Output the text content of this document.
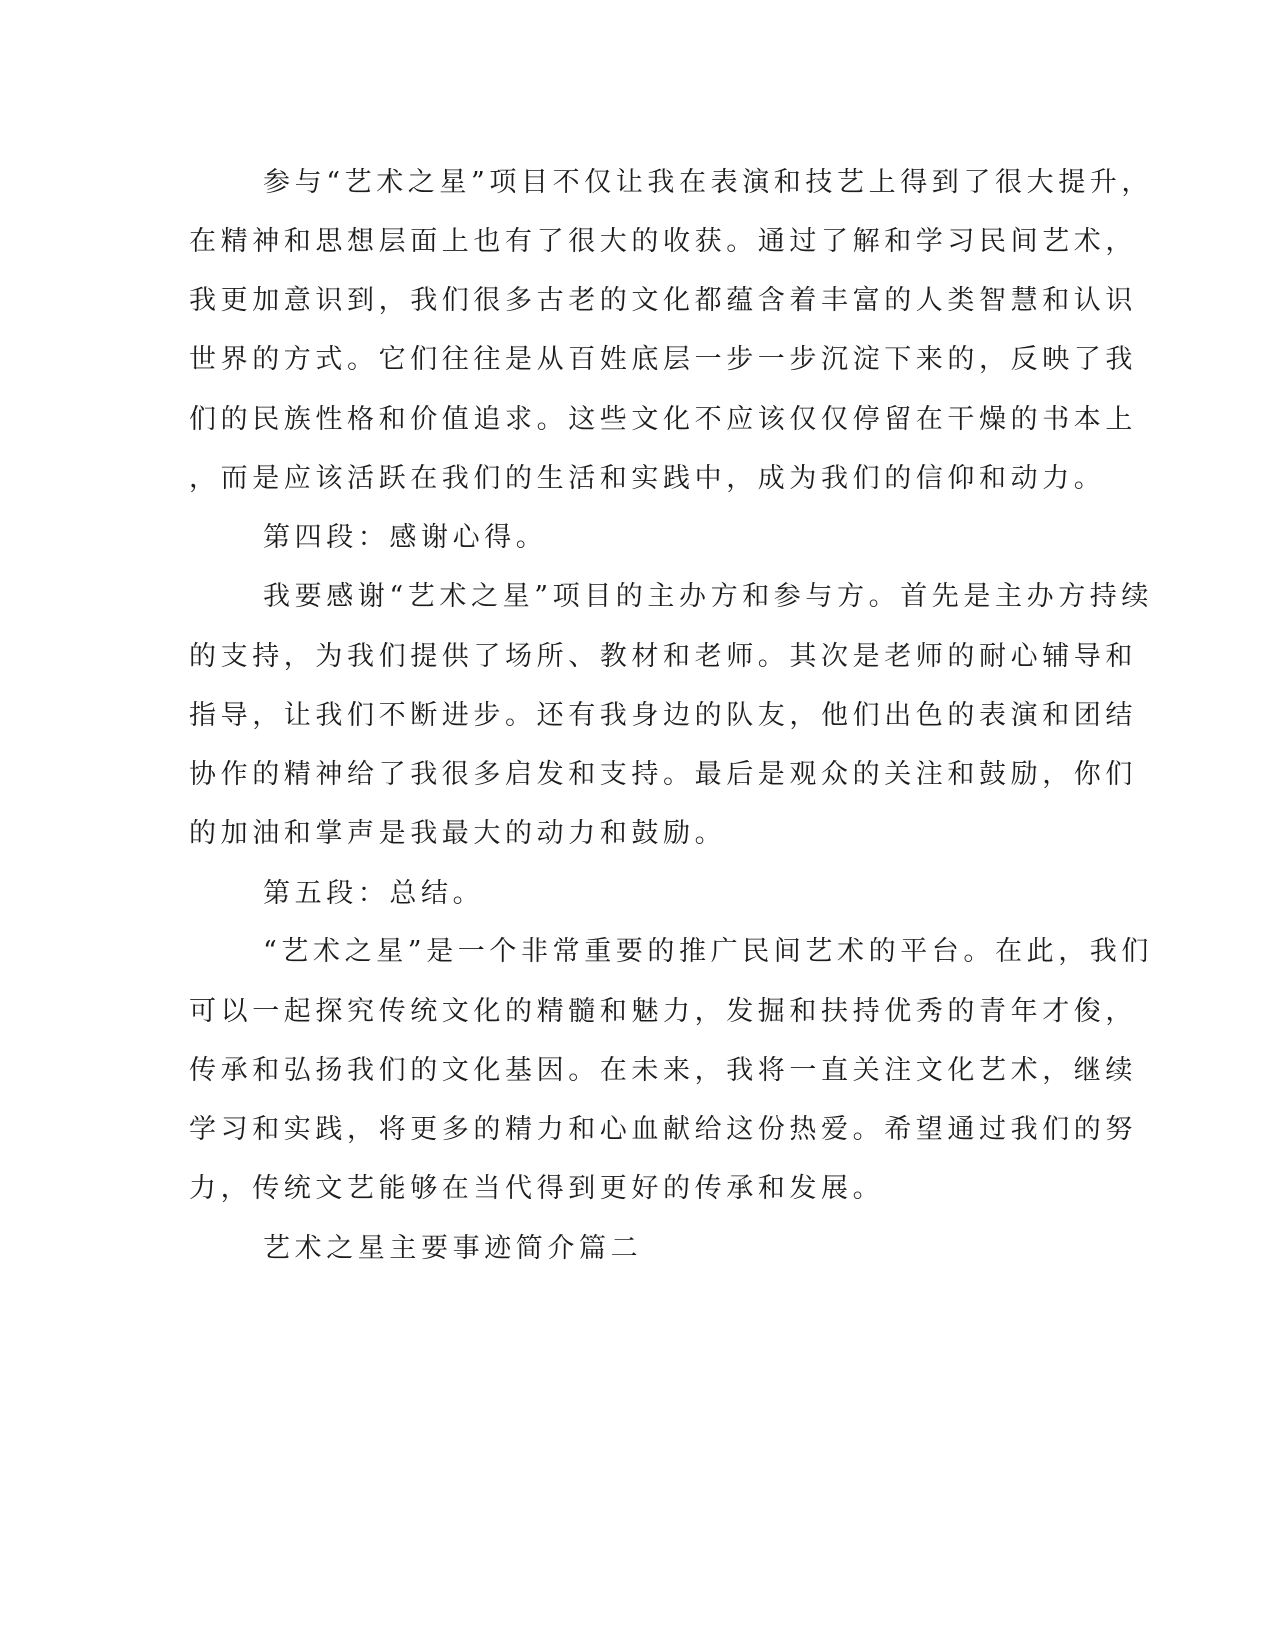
参与“艺术之星”项目不仅让我在表演和技艺上得到了很大提升，

在精神和思想层面上也有了很大的收获。通过了解和学习民间艺术，

我更加意识到，我们很多古老的文化都蕴含着丰富的人类智慧和认识

世界的方式。它们往往是从百姓底层一步一步沉淀下来的，反映了我

们的民族性格和价值追求。这些文化不应该仅仅停留在干燥的书本上

，而是应该活跃在我们的生活和实践中，成为我们的信仰和动力。

第四段：感谢心得。

我要感谢“艺术之星”项目的主办方和参与方。首先是主办方持续

的支持，为我们提供了场所、教材和老师。其次是老师的耐心辅导和

指导，让我们不断进步。还有我身边的队友，他们出色的表演和团结

协作的精神给了我很多启发和支持。最后是观众的关注和鼓励，你们

的加油和掌声是我最大的动力和鼓励。

第五段：总结。

“艺术之星”是一个非常重要的推广民间艺术的平台。在此，我们

可以一起探究传统文化的精髓和魅力，发掘和扶持优秀的青年才俊，

传承和弘扬我们的文化基因。在未来，我将一直关注文化艺术，继续

学习和实践，将更多的精力和心血献给这份热爱。希望通过我们的努

力，传统文艺能够在当代得到更好的传承和发展。

艺术之星主要事迹简介篇二
